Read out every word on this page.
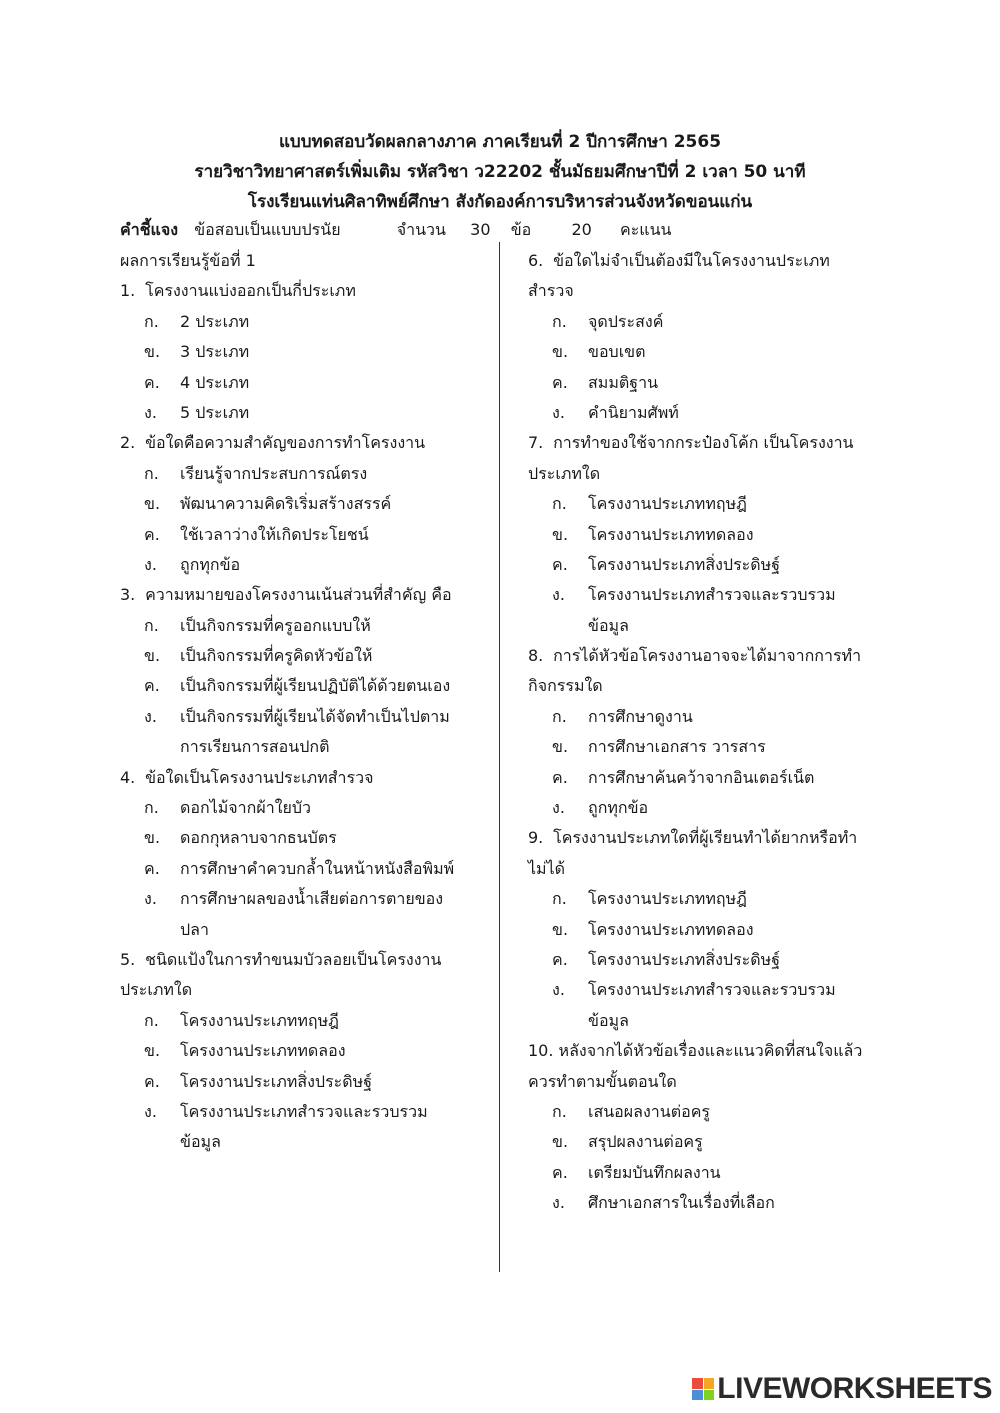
แบบทดสอบวัดผลกลางภาค ภาคเรียนที่ 2 ปีการศึกษา 2565
รายวิชาวิทยาศาสตร์เพิ่มเติม รหัสวิชา ว22202 ชั้นมัธยมศึกษาปีที่ 2 เวลา 50 นาที
โรงเรียนแท่นศิลาทิพย์ศึกษา สังกัดองค์การบริหารส่วนจังหวัดขอนแก่น
คำชี้แจง ข้อสอบเป็นแบบปรนัย	จำนวน 30 ข้อ	20 คะแนน
ผลการเรียนรู้ข้อที่ 1
1. โครงงานแบ่งออกเป็นกี่ประเภท
ก. 2 ประเภท
ข. 3 ประเภท
ค. 4 ประเภท
ง. 5 ประเภท
2. ข้อใดคือความสำคัญของการทำโครงงาน
ก. เรียนรู้จากประสบการณ์ตรง
ข. พัฒนาความคิดริเริ่มสร้างสรรค์
ค. ใช้เวลาว่างให้เกิดประโยชน์
ง. ถูกทุกข้อ
3. ความหมายของโครงงานเน้นส่วนที่สำคัญ คือ
ก. เป็นกิจกรรมที่ครูออกแบบให้
ข. เป็นกิจกรรมที่ครูคิดหัวข้อให้
ค. เป็นกิจกรรมที่ผู้เรียนปฏิบัติได้ด้วยตนเอง
ง. เป็นกิจกรรมที่ผู้เรียนได้จัดทำเป็นไปตาม
การเรียนการสอนปกติ
4. ข้อใดเป็นโครงงานประเภทสำรวจ
ก. ดอกไม้จากผ้าใยบัว
ข. ดอกกุหลาบจากธนบัตร
ค. การศึกษาคำควบกล้ำในหน้าหนังสือพิมพ์
ง. การศึกษาผลของน้ำเสียต่อการตายของ
ปลา
5. ชนิดแป้งในการทำขนมบัวลอยเป็นโครงงาน
ประเภทใด
ก. โครงงานประเภททฤษฎี
ข. โครงงานประเภททดลอง
ค. โครงงานประเภทสิ่งประดิษฐ์
ง. โครงงานประเภทสำรวจและรวบรวม
ข้อมูล
6. ข้อใดไม่จำเป็นต้องมีในโครงงานประเภท
สำรวจ
ก. จุดประสงค์
ข. ขอบเขต
ค. สมมติฐาน
ง. คำนิยามศัพท์
7. การทำของใช้จากกระป๋องโค้ก เป็นโครงงาน
ประเภทใด
ก. โครงงานประเภททฤษฎี
ข. โครงงานประเภททดลอง
ค. โครงงานประเภทสิ่งประดิษฐ์
ง. โครงงานประเภทสำรวจและรวบรวม
ข้อมูล
8. การได้หัวข้อโครงงานอาจจะได้มาจากการทำ
กิจกรรมใด
ก. การศึกษาดูงาน
ข. การศึกษาเอกสาร วารสาร
ค. การศึกษาค้นคว้าจากอินเตอร์เน็ต
ง. ถูกทุกข้อ
9. โครงงานประเภทใดที่ผู้เรียนทำได้ยากหรือทำ
ไม่ได้
ก. โครงงานประเภททฤษฎี
ข. โครงงานประเภททดลอง
ค. โครงงานประเภทสิ่งประดิษฐ์
ง. โครงงานประเภทสำรวจและรวบรวม
ข้อมูล
10. หลังจากได้หัวข้อเรื่องและแนวคิดที่สนใจแล้ว
ควรทำตามขั้นตอนใด
ก. เสนอผลงานต่อครู
ข. สรุปผลงานต่อครู
ค. เตรียมบันทึกผลงาน
ง. ศึกษาเอกสารในเรื่องที่เลือก
LIVEWORKSHEETS
